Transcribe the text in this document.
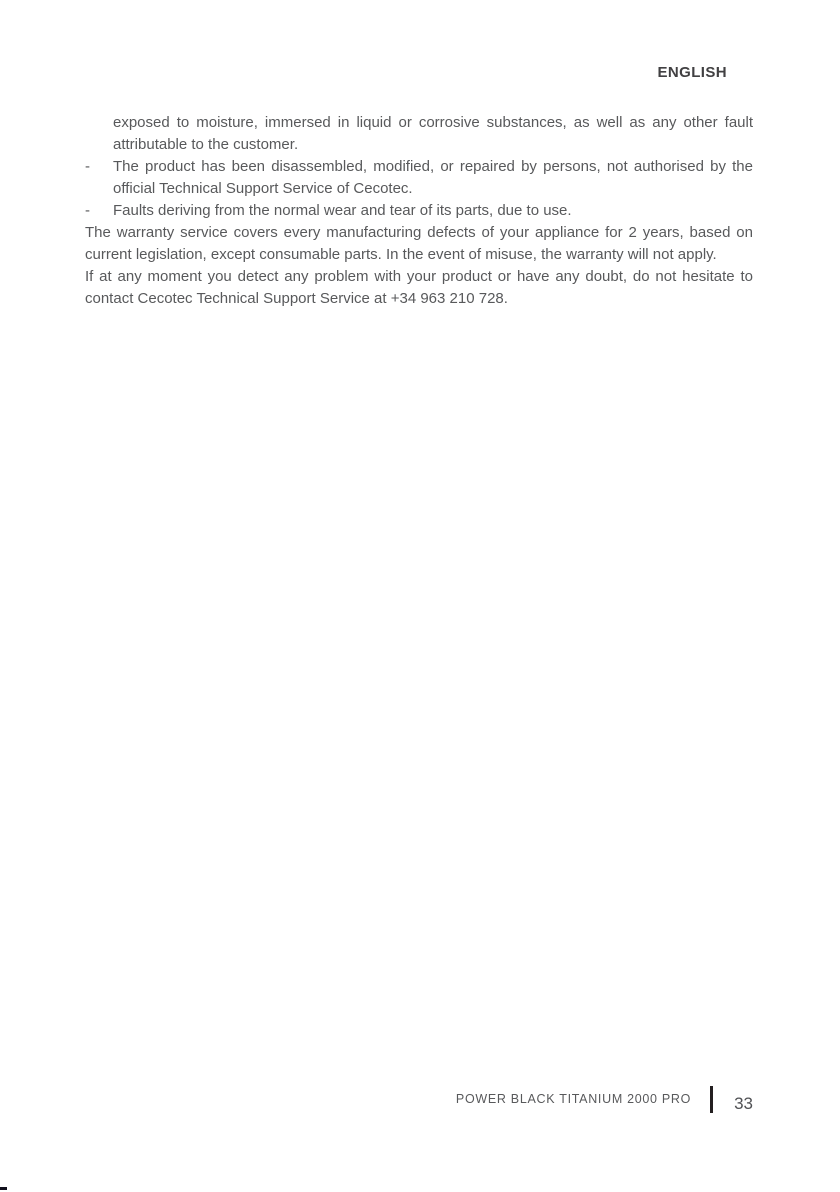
ENGLISH

exposed to moisture, immersed in liquid or corrosive substances, as well as any other fault attributable to the customer.

-	The product has been disassembled, modified, or repaired by persons, not authorised by the official Technical Support Service of Cecotec.

-	Faults deriving from the normal wear and tear of its parts, due to use.

The warranty service covers every manufacturing defects of your appliance for 2 years, based on current legislation, except consumable parts. In the event of misuse, the warranty will not apply.

If at any moment you detect any problem with your product or have any doubt, do not hesitate to contact Cecotec Technical Support Service at +34 963 210 728.

POWER BLACK TITANIUM 2000 PRO	33
